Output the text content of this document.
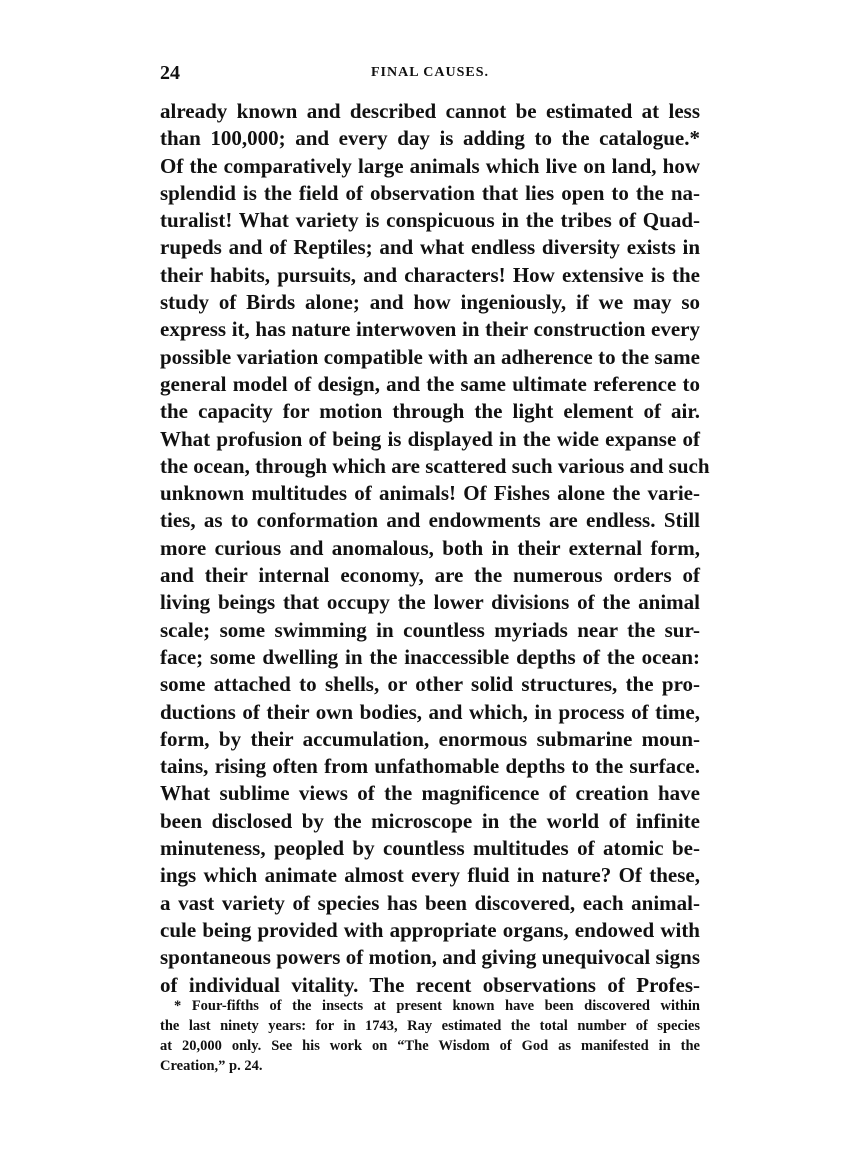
24	FINAL CAUSES.
already known and described cannot be estimated at less
than 100,000; and every day is adding to the catalogue.*
Of the comparatively large animals which live on land, how
splendid is the field of observation that lies open to the na-
turalist! What variety is conspicuous in the tribes of Quad-
rupeds and of Reptiles; and what endless diversity exists in
their habits, pursuits, and characters! How extensive is the
study of Birds alone; and how ingeniously, if we may so
express it, has nature interwoven in their construction every
possible variation compatible with an adherence to the same
general model of design, and the same ultimate reference to
the capacity for motion through the light element of air.
What profusion of being is displayed in the wide expanse of
the ocean, through which are scattered such various and such
unknown multitudes of animals! Of Fishes alone the varie-
ties, as to conformation and endowments are endless. Still
more curious and anomalous, both in their external form,
and their internal economy, are the numerous orders of
living beings that occupy the lower divisions of the animal
scale; some swimming in countless myriads near the sur-
face; some dwelling in the inaccessible depths of the ocean:
some attached to shells, or other solid structures, the pro-
ductions of their own bodies, and which, in process of time,
form, by their accumulation, enormous submarine moun-
tains, rising often from unfathomable depths to the surface.
What sublime views of the magnificence of creation have
been disclosed by the microscope in the world of infinite
minuteness, peopled by countless multitudes of atomic be-
ings which animate almost every fluid in nature? Of these,
a vast variety of species has been discovered, each animal-
cule being provided with appropriate organs, endowed with
spontaneous powers of motion, and giving unequivocal signs
of individual vitality. The recent observations of Profes-
* Four-fifths of the insects at present known have been discovered within
the last ninety years: for in 1743, Ray estimated the total number of species
at 20,000 only. See his work on “The Wisdom of God as manifested in the
Creation,” p. 24.
